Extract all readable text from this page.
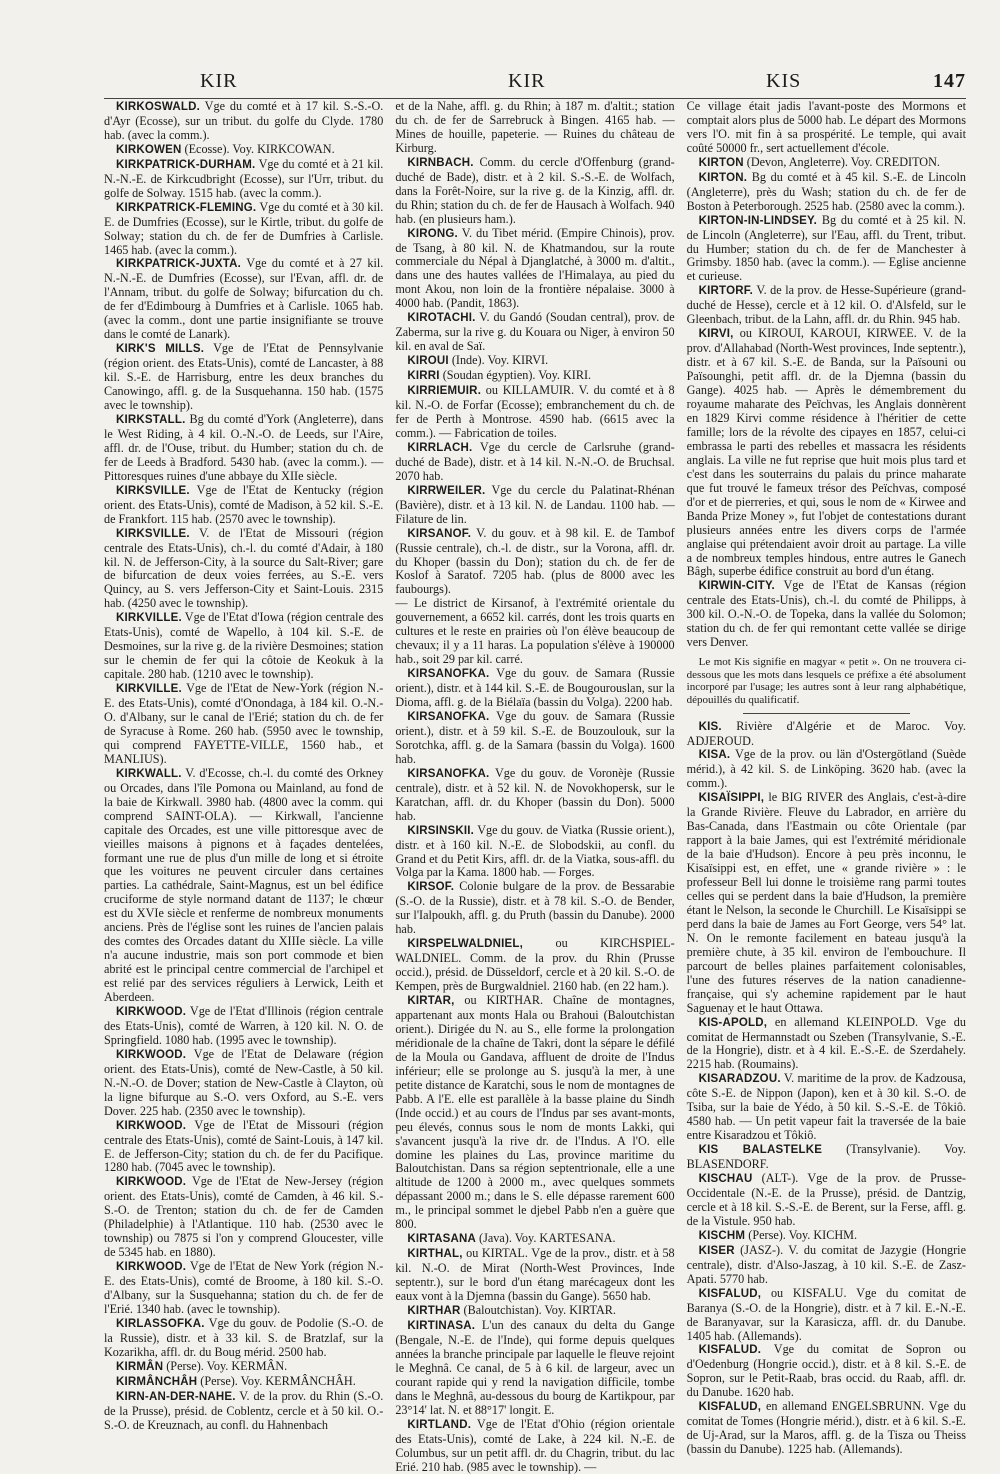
KIR	KIR	KIS	147

KIRKOSWALD. Vge du comté et à 17 kil. S.-S.-O. d'Ayr (Ecosse), sur un tribut. du golfe du Clyde. 1780 hab. (avec la comm.).

KIRKOWEN (Ecosse). Voy. KIRKCOWAN.

KIRKPATRICK-DURHAM. Vge du comté et à 21 kil. N.-N.-E. de Kirkcudbright (Ecosse), sur l'Urr, tribut. du golfe de Solway. 1515 hab. (avec la comm.).

KIRKPATRICK-FLEMING. Vge du comté et à 30 kil. E. de Dumfries (Ecosse), sur le Kirtle, tribut. du golfe de Solway; station du ch. de fer de Dumfries à Carlisle. 1465 hab. (avec la comm.).

KIRKPATRICK-JUXTA. Vge du comté et à 27 kil. N.-N.-E. de Dumfries (Ecosse), sur l'Evan, affl. dr. de l'Annam, tribut. du golfe de Solway; bifurcation du ch. de fer d'Edimbourg à Dumfries et à Carlisle. 1065 hab. (avec la comm., dont une partie insignifiante se trouve dans le comté de Lanark).

KIRK'S MILLS. Vge de l'Etat de Pennsylvanie (région orient. des Etats-Unis), comté de Lancaster, à 88 kil. S.-E. de Harrisburg, entre les deux branches du Canowingo, affl. g. de la Susquehanna. 150 hab. (1575 avec le township).

KIRKSTALL. Bg du comté d'York (Angleterre), dans le West Riding, à 4 kil. O.-N.-O. de Leeds, sur l'Aire, affl. dr. de l'Ouse, tribut. du Humber; station du ch. de fer de Leeds à Bradford. 5430 hab. (avec la comm.). — Pittoresques ruines d'une abbaye du XIIe siècle.

KIRKSVILLE. Vge de l'Etat de Kentucky (région orient. des Etats-Unis), comté de Madison, à 52 kil. S.-E. de Frankfort. 115 hab. (2570 avec le township).

KIRKSVILLE. V. de l'Etat de Missouri (région centrale des Etats-Unis), ch.-l. du comté d'Adair, à 180 kil. N. de Jefferson-City, à la source du Salt-River; gare de bifurcation de deux voies ferrées, au S.-E. vers Quincy, au S. vers Jefferson-City et Saint-Louis. 2315 hab. (4250 avec le township).

KIRKVILLE. Vge de l'Etat d'Iowa (région centrale des Etats-Unis), comté de Wapello, à 104 kil. S.-E. de Desmoines, sur la rive g. de la rivière Desmoines; station sur le chemin de fer qui la côtoie de Keokuk à la capitale. 280 hab. (1210 avec le township).

KIRKVILLE. Vge de l'Etat de New-York (région N.-E. des Etats-Unis), comté d'Onondaga, à 184 kil. O.-N.-O. d'Albany, sur le canal de l'Erié; station du ch. de fer de Syracuse à Rome. 260 hab. (5950 avec le township, qui comprend FAYETTE-VILLE, 1560 hab., et MANLIUS).

KIRKWALL. V. d'Ecosse, ch.-l. du comté des Orkney ou Orcades, dans l'île Pomona ou Mainland, au fond de la baie de Kirkwall. 3980 hab. (4800 avec la comm. qui comprend SAINT-OLA). — Kirkwall, l'ancienne capitale des Orcades, est une ville pittoresque avec de vieilles maisons à pignons et à façades dentelées, formant une rue de plus d'un mille de long et si étroite que les voitures ne peuvent circuler dans certaines parties. La cathédrale, Saint-Magnus, est un bel édifice cruciforme de style normand datant de 1137; le chœur est du XVIe siècle et renferme de nombreux monuments anciens. Près de l'église sont les ruines de l'ancien palais des comtes des Orcades datant du XIIIe siècle. La ville n'a aucune industrie, mais son port commode et bien abrité est le principal centre commercial de l'archipel et est relié par des services réguliers à Lerwick, Leith et Aberdeen.

KIRKWOOD. Vge de l'Etat d'Illinois (région centrale des Etats-Unis), comté de Warren, à 120 kil. N. O. de Springfield. 1080 hab. (1995 avec le township).

KIRKWOOD. Vge de l'Etat de Delaware (région orient. des Etats-Unis), comté de New-Castle, à 50 kil. N.-N.-O. de Dover; station de New-Castle à Clayton, où la ligne bifurque au S.-O. vers Oxford, au S.-E. vers Dover. 225 hab. (2350 avec le township).

KIRKWOOD. Vge de l'Etat de Missouri (région centrale des Etats-Unis), comté de Saint-Louis, à 147 kil. E. de Jefferson-City; station du ch. de fer du Pacifique. 1280 hab. (7045 avec le township).

KIRKWOOD. Vge de l'Etat de New-Jersey (région orient. des Etats-Unis), comté de Camden, à 46 kil. S.-S.-O. de Trenton; station du ch. de fer de Camden (Philadelphie) à l'Atlantique. 110 hab. (2530 avec le township) ou 7875 si l'on y comprend Gloucester, ville de 5345 hab. en 1880).

KIRKWOOD. Vge de l'Etat de New York (région N.-E. des Etats-Unis), comté de Broome, à 180 kil. S.-O. d'Albany, sur la Susquehanna; station du ch. de fer de l'Erié. 1340 hab. (avec le township).

KIRLASSOFKA. Vge du gouv. de Podolie (S.-O. de la Russie), distr. et à 33 kil. S. de Bratzlaf, sur la Kozarikha, affl. dr. du Boug mérid. 2500 hab.

KIRMÂN (Perse). Voy. KERMÂN.

KIRMÂNCHÂH (Perse). Voy. KERMÂNCHÂH.

KIRN-AN-DER-NAHE. V. de la prov. du Rhin (S.-O. de la Prusse), présid. de Coblentz, cercle et à 50 kil. O.-S.-O. de Kreuznach, au confl. du Hahnenbach

et de la Nahe, affl. g. du Rhin; à 187 m. d'altit.; station du ch. de fer de Sarrebruck à Bingen. 4165 hab. — Mines de houille, papeterie. — Ruines du château de Kirburg.

KIRNBACH. Comm. du cercle d'Offenburg (grand-duché de Bade), distr. et à 2 kil. S.-S.-E. de Wolfach, dans la Forêt-Noire, sur la rive g. de la Kinzig, affl. dr. du Rhin; station du ch. de fer de Hausach à Wolfach. 940 hab. (en plusieurs ham.).

KIRONG. V. du Tibet mérid. (Empire Chinois), prov. de Tsang, à 80 kil. N. de Khatmandou, sur la route commerciale du Népal à Djanglatché, à 3000 m. d'altit., dans une des hautes vallées de l'Himalaya, au pied du mont Akou, non loin de la frontière népalaise. 3000 à 4000 hab. (Pandit, 1863).

KIROTACHI. V. du Gandó (Soudan central), prov. de Zaberma, sur la rive g. du Kouara ou Niger, à environ 50 kil. en aval de Saï.

KIROUI (Inde). Voy. KIRVI.

KIRRI (Soudan égyptien). Voy. KIRI.

KIRRIEMUIR. ou KILLAMUIR. V. du comté et à 8 kil. N.-O. de Forfar (Ecosse); embranchement du ch. de fer de Perth à Montrose. 4590 hab. (6615 avec la comm.). — Fabrication de toiles.

KIRRLACH. Vge du cercle de Carlsruhe (grand-duché de Bade), distr. et à 14 kil. N.-N.-O. de Bruchsal. 2070 hab.

KIRRWEILER. Vge du cercle du Palatinat-Rhénan (Bavière), distr. et à 13 kil. N. de Landau. 1100 hab. — Filature de lin.

KIRSANOF. V. du gouv. et à 98 kil. E. de Tambof (Russie centrale), ch.-l. de distr., sur la Vorona, affl. dr. du Khoper (bassin du Don); station du ch. de fer de Koslof à Saratof. 7205 hab. (plus de 8000 avec les faubourgs).

— Le district de Kirsanof, à l'extrémité orientale du gouvernement, a 6652 kil. carrés, dont les trois quarts en cultures et le reste en prairies où l'on élève beaucoup de chevaux; il y a 11 haras. La population s'élève à 190000 hab., soit 29 par kil. carré.

KIRSANOFKA. Vge du gouv. de Samara (Russie orient.), distr. et à 144 kil. S.-E. de Bougourouslan, sur la Dioma, affl. g. de la Biélaïa (bassin du Volga). 2200 hab.

KIRSANOFKA. Vge du gouv. de Samara (Russie orient.), distr. et à 59 kil. S.-E. de Bouzoulouk, sur la Sorotchka, affl. g. de la Samara (bassin du Volga). 1600 hab.

KIRSANOFKA. Vge du gouv. de Voronèje (Russie centrale), distr. et à 52 kil. N. de Novokhopersk, sur le Karatchan, affl. dr. du Khoper (bassin du Don). 5000 hab.

KIRSINSKII. Vge du gouv. de Viatka (Russie orient.), distr. et à 160 kil. N.-E. de Slobodskii, au confl. du Grand et du Petit Kirs, affl. dr. de la Viatka, sous-affl. du Volga par la Kama. 1800 hab. — Forges.

KIRSOF. Colonie bulgare de la prov. de Bessarabie (S.-O. de la Russie), distr. et à 78 kil. S.-O. de Bender, sur l'Ialpoukh, affl. g. du Pruth (bassin du Danube). 2000 hab.

KIRSPELWALDNIEL, ou KIRCHSPIEL-WALDNIEL. Comm. de la prov. du Rhin (Prusse occid.), présid. de Düsseldorf, cercle et à 20 kil. S.-O. de Kempen, près de Burgwaldniel. 2160 hab. (en 22 ham.).

KIRTAR, ou KIRTHAR. Chaîne de montagnes, appartenant aux monts Hala ou Brahoui (Baloutchistan orient.). Dirigée du N. au S., elle forme la prolongation méridionale de la chaîne de Takri, dont la sépare le défilé de la Moula ou Gandava, affluent de droite de l'Indus inférieur; elle se prolonge au S. jusqu'à la mer, à une petite distance de Karatchi, sous le nom de montagnes de Pabb. A l'E. elle est parallèle à la basse plaine du Sindh (Inde occid.) et au cours de l'Indus par ses avant-monts, peu élevés, connus sous le nom de monts Lakki, qui s'avancent jusqu'à la rive dr. de l'Indus. A l'O. elle domine les plaines du Las, province maritime du Baloutchistan. Dans sa région septentrionale, elle a une altitude de 1200 à 2000 m., avec quelques sommets dépassant 2000 m.; dans le S. elle dépasse rarement 600 m., le principal sommet le djebel Pabb n'en a guère que 800.

KIRTASANA (Java). Voy. KARTESANA.

KIRTHAL, ou KIRTAL. Vge de la prov., distr. et à 58 kil. N.-O. de Mirat (North-West Provinces, Inde septentr.), sur le bord d'un étang marécageux dont les eaux vont à la Djemna (bassin du Gange). 5650 hab.

KIRTHAR (Baloutchistan). Voy. KIRTAR.

KIRTINASA. L'un des canaux du delta du Gange (Bengale, N.-E. de l'Inde), qui forme depuis quelques années la branche principale par laquelle le fleuve rejoint le Meghnâ. Ce canal, de 5 à 6 kil. de largeur, avec un courant rapide qui y rend la navigation difficile, tombe dans le Meghnâ, au-dessous du bourg de Kartikpour, par 23°14' lat. N. et 88°17' longit. E.

KIRTLAND. Vge de l'Etat d'Ohio (région orientale des Etats-Unis), comté de Lake, à 224 kil. N.-E. de Columbus, sur un petit affl. dr. du Chagrin, tribut. du lac Erié. 210 hab. (985 avec le township). —

Ce village était jadis l'avant-poste des Mormons et comptait alors plus de 5000 hab. Le départ des Mormons vers l'O. mit fin à sa prospérité. Le temple, qui avait coûté 50000 fr., sert actuellement d'école.

KIRTON (Devon, Angleterre). Voy. CREDITON.

KIRTON. Bg du comté et à 45 kil. S.-E. de Lincoln (Angleterre), près du Wash; station du ch. de fer de Boston à Peterborough. 2525 hab. (2580 avec la comm.).

KIRTON-IN-LINDSEY. Bg du comté et à 25 kil. N. de Lincoln (Angleterre), sur l'Eau, affl. du Trent, tribut. du Humber; station du ch. de fer de Manchester à Grimsby. 1850 hab. (avec la comm.). — Eglise ancienne et curieuse.

KIRTORF. V. de la prov. de Hesse-Supérieure (grand-duché de Hesse), cercle et à 12 kil. O. d'Alsfeld, sur le Gleenbach, tribut. de la Lahn, affl. dr. du Rhin. 945 hab.

KIRVI, ou KIROUI, KAROUI, KIRWEE. V. de la prov. d'Allahabad (North-West provinces, Inde septentr.), distr. et à 67 kil. S.-E. de Banda, sur la Païsouni ou Païsounghi, petit affl. dr. de la Djemna (bassin du Gange). 4025 hab. — Après le démembrement du royaume maharate des Peïchvas, les Anglais donnèrent en 1829 Kirvi comme résidence à l'héritier de cette famille; lors de la révolte des cipayes en 1857, celui-ci embrassa le parti des rebelles et massacra les résidents anglais. La ville ne fut reprise que huit mois plus tard et c'est dans les souterrains du palais du prince maharate que fut trouvé le fameux trésor des Peïchvas, composé d'or et de pierreries, et qui, sous le nom de « Kirwee and Banda Prize Money », fut l'objet de contestations durant plusieurs années entre les divers corps de l'armée anglaise qui prétendaient avoir droit au partage. La ville a de nombreux temples hindous, entre autres le Ganech Bâgh, superbe édifice construit au bord d'un étang.

KIRWIN-CITY. Vge de l'Etat de Kansas (région centrale des Etats-Unis), ch.-l. du comté de Philipps, à 300 kil. O.-N.-O. de Topeka, dans la vallée du Solomon; station du ch. de fer qui remontant cette vallée se dirige vers Denver.

Le mot Kis signifie en magyar « petit ». On ne trouvera ci-dessous que les mots dans lesquels ce préfixe a été absolument incorporé par l'usage; les autres sont à leur rang alphabétique, dépouillés du qualificatif.

KIS. Rivière d'Algérie et de Maroc. Voy. ADJEROUD.

KISA. Vge de la prov. ou län d'Ostergötland (Suède mérid.), à 42 kil. S. de Linköping. 3620 hab. (avec la comm.).

KISAÏSIPPI, le BIG RIVER des Anglais, c'est-à-dire la Grande Rivière. Fleuve du Labrador, en arrière du Bas-Canada, dans l'Eastmain ou côte Orientale (par rapport à la baie James, qui est l'extrémité méridionale de la baie d'Hudson). Encore à peu près inconnu, le Kisaïsippi est, en effet, une « grande rivière » : le professeur Bell lui donne le troisième rang parmi toutes celles qui se perdent dans la baie d'Hudson, la première étant le Nelson, la seconde le Churchill. Le Kisaïsippi se perd dans la baie de James au Fort George, vers 54° lat. N. On le remonte facilement en bateau jusqu'à la première chute, à 35 kil. environ de l'embouchure. Il parcourt de belles plaines parfaitement colonisables, l'une des futures réserves de la nation canadienne-française, qui s'y achemine rapidement par le haut Saguenay et le haut Ottawa.

KIS-APOLD, en allemand KLEINPOLD. Vge du comitat de Hermannstadt ou Szeben (Transylvanie, S.-E. de la Hongrie), distr. et à 4 kil. E.-S.-E. de Szerdahely. 2215 hab. (Roumains).

KISARADZOU. V. maritime de la prov. de Kadzousa, côte S.-E. de Nippon (Japon), ken et à 30 kil. S.-O. de Tsiba, sur la baie de Yédo, à 50 kil. S.-S.-E. de Tôkiô. 4580 hab. — Un petit vapeur fait la traversée de la baie entre Kisaradzou et Tôkiô.

KIS BALASTELKE (Transylvanie). Voy. BLASENDORF.

KISCHAU (ALT-). Vge de la prov. de Prusse-Occidentale (N.-E. de la Prusse), présid. de Dantzig, cercle et à 18 kil. S.-S.-E. de Berent, sur la Ferse, affl. g. de la Vistule. 950 hab.

KISCHM (Perse). Voy. KICHM.

KISER (JASZ-). V. du comitat de Jazygie (Hongrie centrale), distr. d'Also-Jaszag, à 10 kil. S.-E. de Zasz-Apati. 5770 hab.

KISFALUD, ou KISFALU. Vge du comitat de Baranya (S.-O. de la Hongrie), distr. et à 7 kil. E.-N.-E. de Baranyavar, sur la Karasicza, affl. dr. du Danube. 1405 hab. (Allemands).

KISFALUD. Vge du comitat de Sopron ou d'Oedenburg (Hongrie occid.), distr. et à 8 kil. S.-E. de Sopron, sur le Petit-Raab, bras occid. du Raab, affl. dr. du Danube. 1620 hab.

KISFALUD, en allemand ENGELSBRUNN. Vge du comitat de Tomes (Hongrie mérid.), distr. et à 6 kil. S.-E. de Uj-Arad, sur la Maros, affl. g. de la Tisza ou Theiss (bassin du Danube). 1225 hab. (Allemands).
